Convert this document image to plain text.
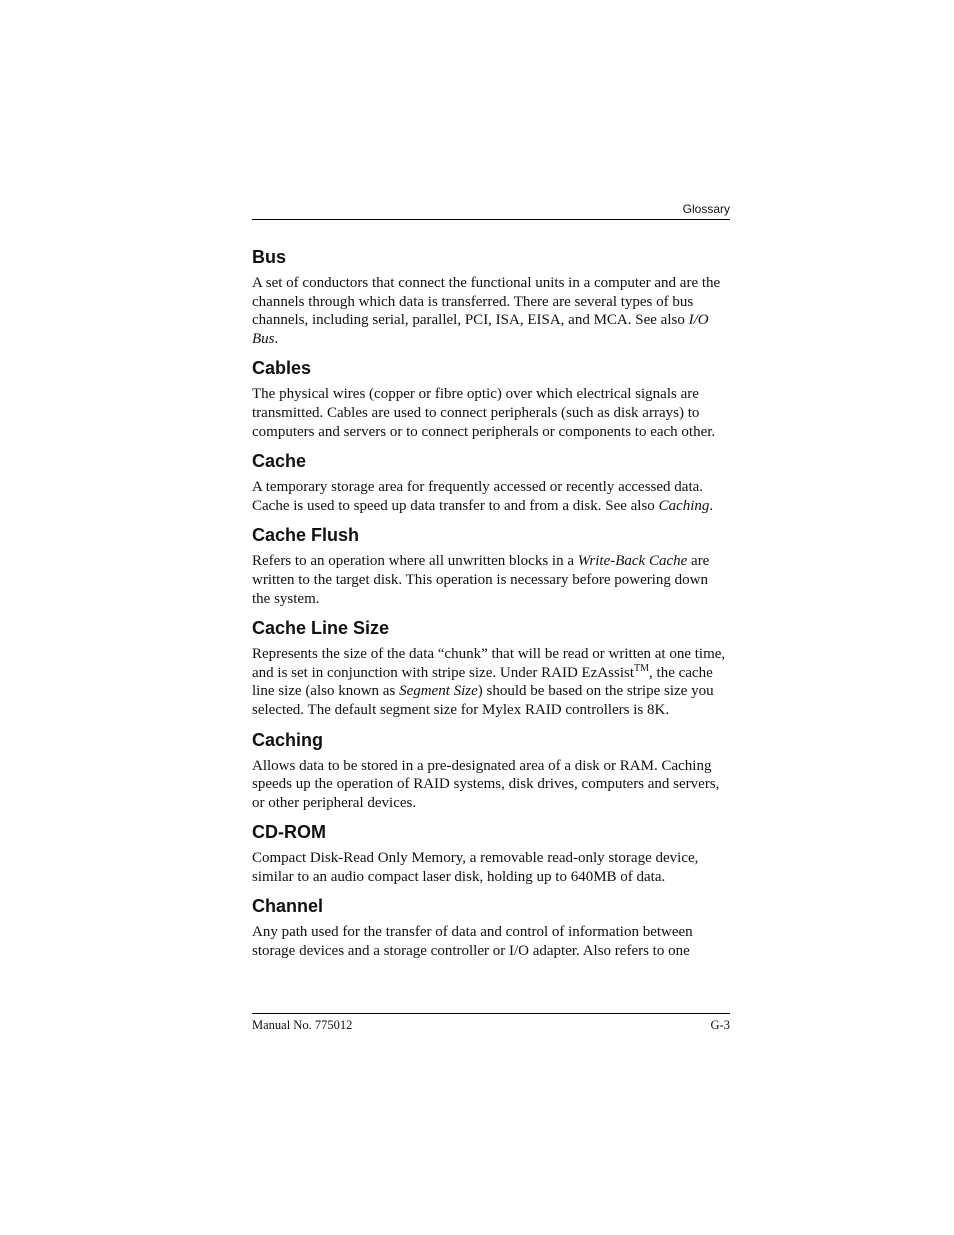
Glossary
Bus

A set of conductors that connect the functional units in a computer and are the channels through which data is transferred. There are several types of bus channels, including serial, parallel, PCI, ISA, EISA, and MCA. See also I/O Bus.

Cables

The physical wires (copper or fibre optic) over which electrical signals are transmitted. Cables are used to connect peripherals (such as disk arrays) to computers and servers or to connect peripherals or components to each other.

Cache

A temporary storage area for frequently accessed or recently accessed data. Cache is used to speed up data transfer to and from a disk. See also Caching.

Cache Flush

Refers to an operation where all unwritten blocks in a Write-Back Cache are written to the target disk. This operation is necessary before powering down the system.

Cache Line Size

Represents the size of the data “chunk” that will be read or written at one time, and is set in conjunction with stripe size. Under RAID EzAssist™, the cache line size (also known as Segment Size) should be based on the stripe size you selected. The default segment size for Mylex RAID controllers is 8K.

Caching

Allows data to be stored in a pre-designated area of a disk or RAM. Caching speeds up the operation of RAID systems, disk drives, computers and servers, or other peripheral devices.

CD-ROM

Compact Disk-Read Only Memory, a removable read-only storage device, similar to an audio compact laser disk, holding up to 640MB of data.

Channel

Any path used for the transfer of data and control of information between storage devices and a storage controller or I/O adapter. Also refers to one

Manual No. 775012	G-3
